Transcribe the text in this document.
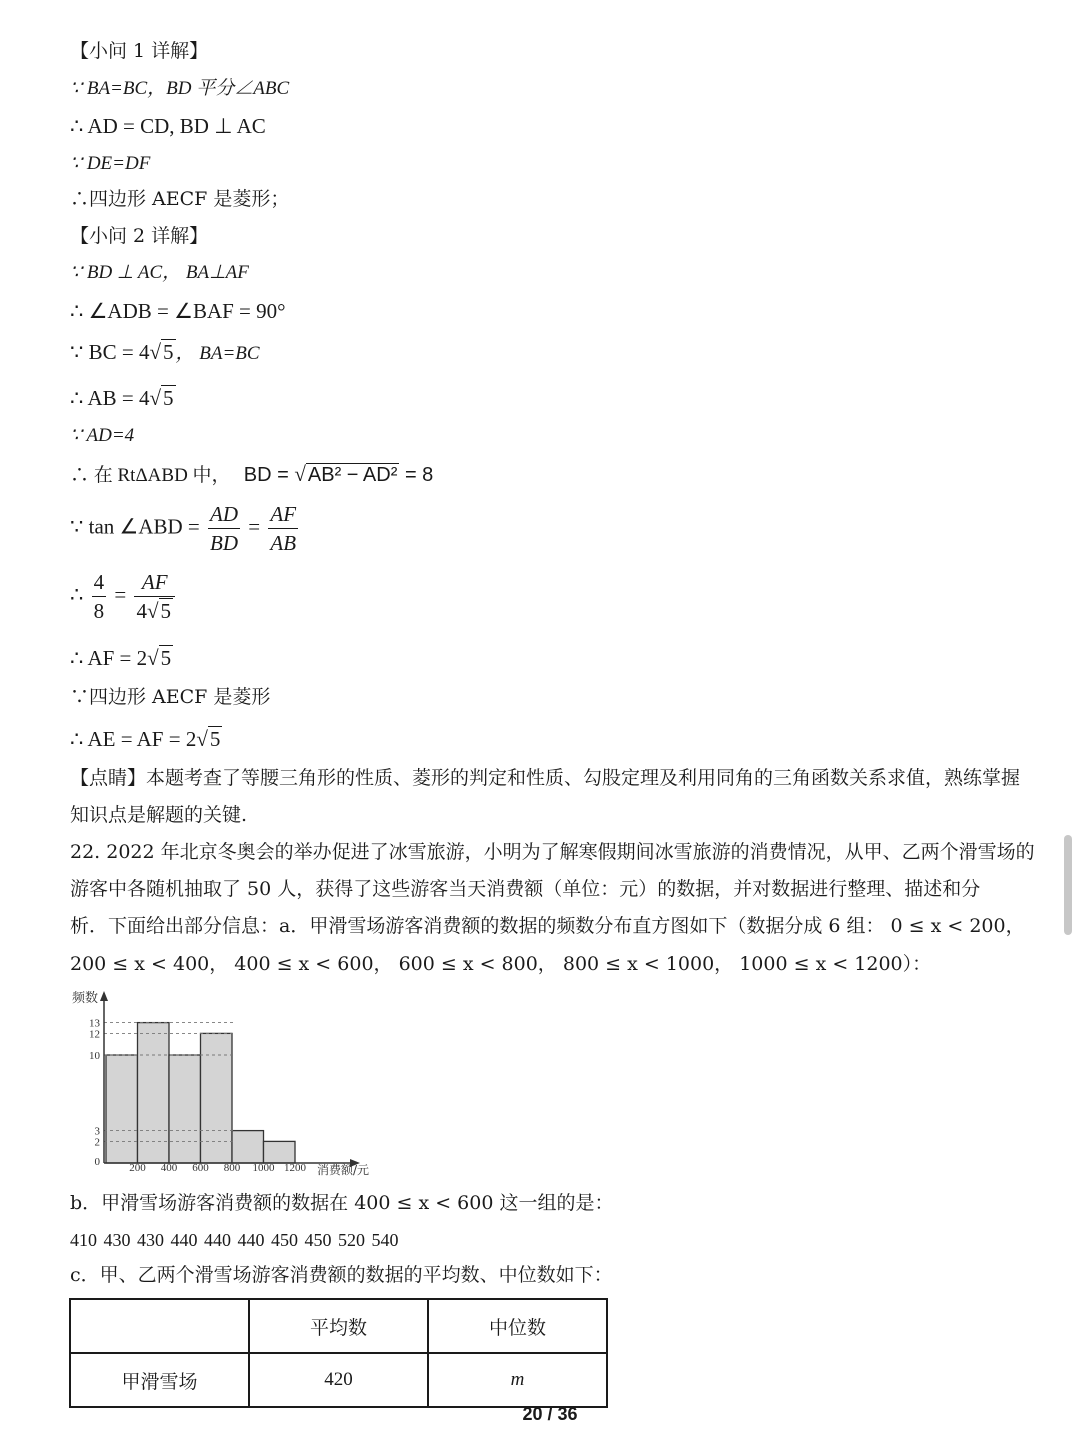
【小问 1 详解】
∵ BA=BC，BD 平分∠ABC
∴ AD = CD, BD ⊥ AC
∵ DE=DF
∴四边形 AECF 是菱形；
【小问 2 详解】
∵ BD ⊥ AC， BA⊥AF
∴ ∠ADB = ∠BAF = 90°
∵ BC = 4√5 ， BA=BC
∴ AB = 4√5
∵ AD=4
∴ 在 RtΔABD 中， BD = √ AB² − AD² = 8
∵ tan ∠ABD = $\frac{AD}{BD} = \frac{AF}{AB}$
∴ $\frac{4}{8} = \frac{AF}{4√5}$
∴ AF = 2√5
∵四边形 AECF 是菱形
∴ AE = AF = 2√5
【点睛】本题考查了等腰三角形的性质、菱形的判定和性质、勾股定理及利用同角的三角函数关系求值，熟练掌握
知识点是解题的关键.
22. 2022 年北京冬奥会的举办促进了冰雪旅游，小明为了解寒假期间冰雪旅游的消费情况，从甲、乙两个滑雪场的
游客中各随机抽取了 50 人，获得了这些游客当天消费额（单位：元）的数据，并对数据进行整理、描述和分
析．下面给出部分信息：a．甲滑雪场游客消费额的数据的频数分布直方图如下（数据分成 6 组： 0 ≤ x < 200，
200 ≤ x < 400， 400 ≤ x < 600， 600 ≤ x < 800， 800 ≤ x < 1000， 1000 ≤ x < 1200）：
2
3
10
12
13
0	200 400 600 800 1000 1200
频数
消费额/元
b．甲滑雪场游客消费额的数据在 400 ≤ x < 600 这一组的是：
410 430 430 440 440 440 450 450 520 540
c．甲、乙两个滑雪场游客消费额的数据的平均数、中位数如下：
	平均数	中位数
甲滑雪场	420	m
20 / 36
